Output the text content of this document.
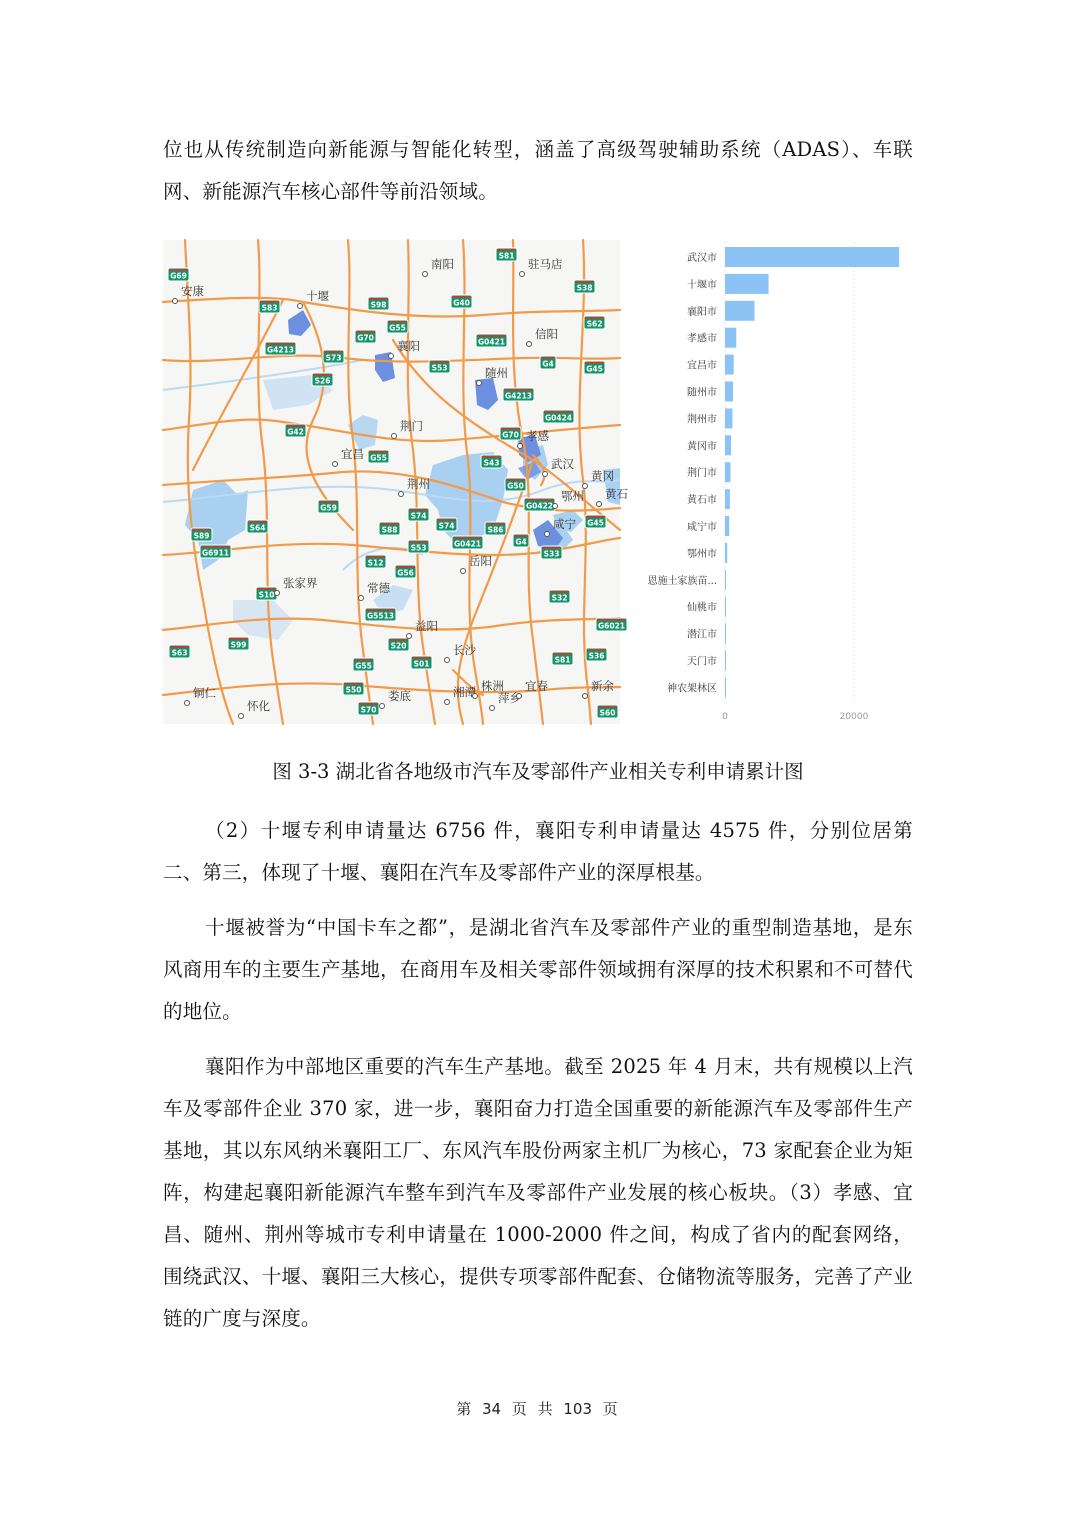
位也从传统制造向新能源与智能化转型，涵盖了高级驾驶辅助系统（ADAS）、车联网、新能源汽车核心部件等前沿领域。
G69
S83
S81
S38
S98	G40
S62
G55
G70	G0421
G4213
S73
S53	G4
G45
S26
G4213
G0424
G42	G70
S43
G55
G50
G59	G0422
S74
S74	S86
G45
S64
S89
G6911
S88
S53	G0421	G4
S33
S12
G56
S32
G5513
G6021
S10
S99	S20
S63
G55	S01	S81 S36
S50
S70	S60
安康	十堰
南阳	驻马店
襄阳
信阳
随州
荆门
孝感
宜昌
武汉
黄冈
荆州
鄂州 黄石
咸宁
岳阳
张家界	常德
益阳
长沙
铜仁
怀化
娄底	湘潭 株洲
萍乡
宜春	新余
武汉市
十堰市
襄阳市
孝感市
宜昌市
随州市
荆州市
黄冈市
荆门市
黄石市
咸宁市
鄂州市
恩施土家族苗...
仙桃市
潜江市
天门市
神农架林区
0	20000
图 3-3 湖北省各地级市汽车及零部件产业相关专利申请累计图
（2）十堰专利申请量达 6756 件，襄阳专利申请量达 4575 件，分别位居第二、第三，体现了十堰、襄阳在汽车及零部件产业的深厚根基。
十堰被誉为“中国卡车之都”，是湖北省汽车及零部件产业的重型制造基地，是东风商用车的主要生产基地，在商用车及相关零部件领域拥有深厚的技术积累和不可替代的地位。
襄阳作为中部地区重要的汽车生产基地。截至 2025 年 4 月末，共有规模以上汽车及零部件企业 370 家，进一步，襄阳奋力打造全国重要的新能源汽车及零部件生产基地，其以东风纳米襄阳工厂、东风汽车股份两家主机厂为核心，73 家配套企业为矩阵，构建起襄阳新能源汽车整车到汽车及零部件产业发展的核心板块。（3）孝感、宜昌、随州、荆州等城市专利申请量在 1000-2000 件之间，构成了省内的配套网络，围绕武汉、十堰、襄阳三大核心，提供专项零部件配套、仓储物流等服务，完善了产业链的广度与深度。
第 34 页 共 103 页
